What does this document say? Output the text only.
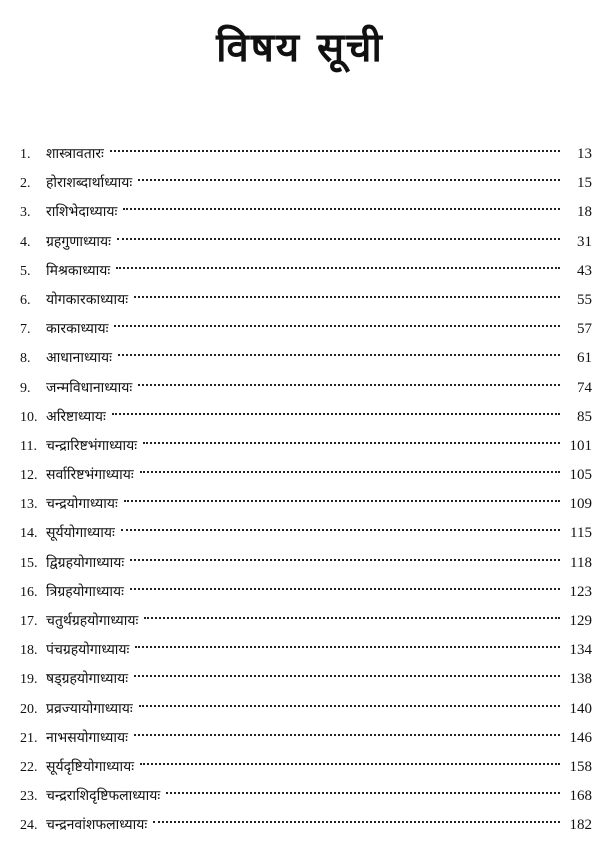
विषय सूची
1.	शास्त्रावतारः	13
2.	होराशब्दार्थाध्यायः	15
3.	राशिभेदाध्यायः	18
4.	ग्रहगुणाध्यायः	31
5.	मिश्रकाध्यायः	43
6.	योगकारकाध्यायः	55
7.	कारकाध्यायः	57
8.	आधानाध्यायः	61
9.	जन्मविधानाध्यायः	74
10. अरिष्टाध्यायः	85
11. चन्द्रारिष्टभंगाध्यायः	101
12. सर्वारिष्टभंगाध्यायः	105
13. चन्द्रयोगाध्यायः	109
14. सूर्ययोगाध्यायः	115
15. द्विग्रहयोगाध्यायः	118
16. त्रिग्रहयोगाध्यायः	123
17. चतुर्थग्रहयोगाध्यायः	129
18. पंचग्रहयोगाध्यायः	134
19. षड्ग्रहयोगाध्यायः	138
20. प्रव्रज्यायोगाध्यायः	140
21. नाभसयोगाध्यायः	146
22. सूर्यदृष्टियोगाध्यायः	158
23. चन्द्रराशिदृष्टिफलाध्यायः	168
24. चन्द्रनवांशफलाध्यायः	182
